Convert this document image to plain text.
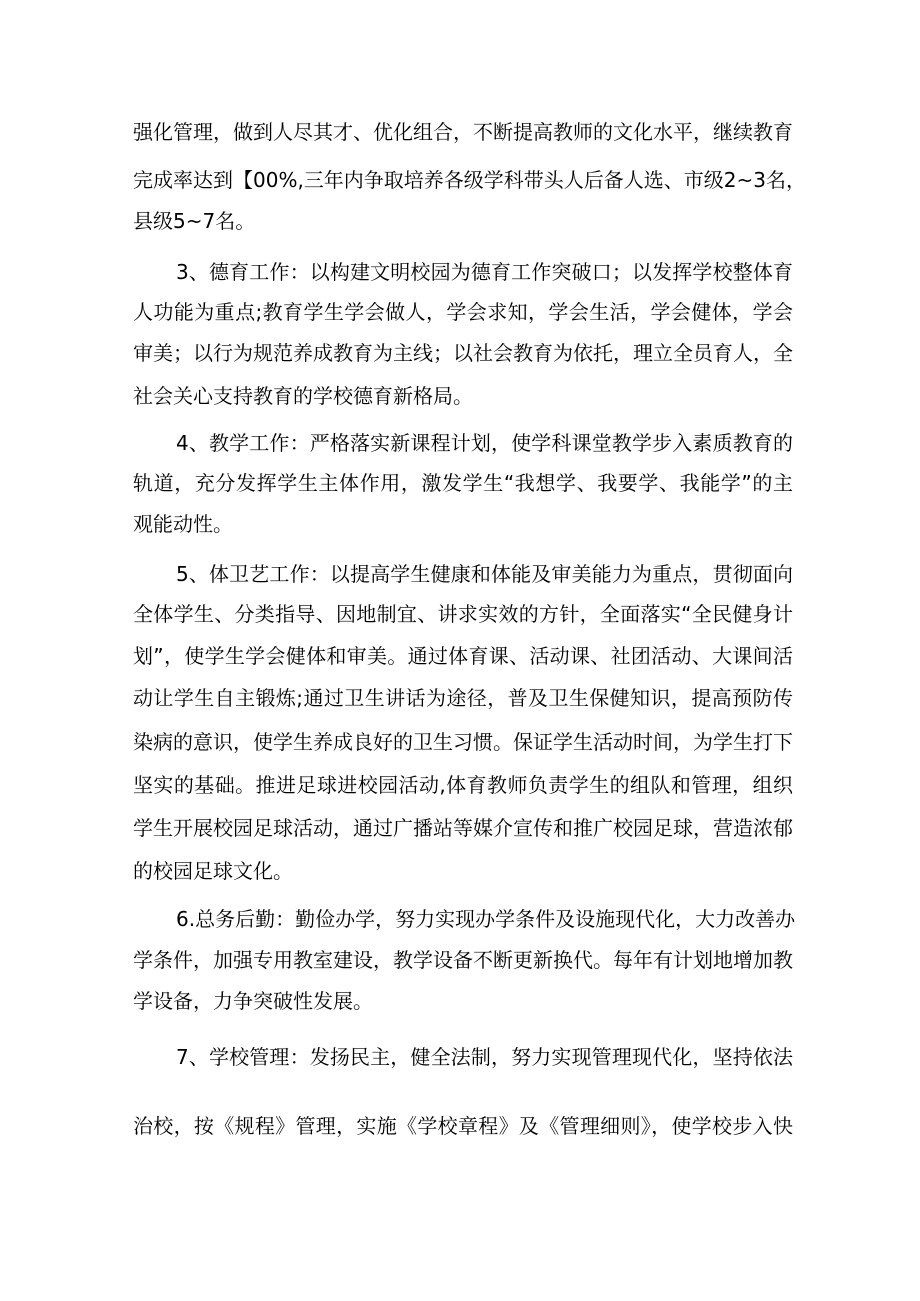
强化管理，做到人尽其才、优化组合，不断提高教师的文化水平，继续教育
完成率达到【00%,三年内争取培养各级学科带头人后备人选、市级2~3名，
县级5~7名。
3、德育工作：以构建文明校园为德育工作突破口；以发挥学校整体育
人功能为重点;教育学生学会做人，学会求知，学会生活，学会健体，学会
审美；以行为规范养成教育为主线；以社会教育为依托，理立全员育人，全
社会关心支持教育的学校德育新格局。
4、教学工作：严格落实新课程计划，使学科课堂教学步入素质教育的
轨道，充分发挥学生主体作用，激发学生“我想学、我要学、我能学”的主
观能动性。
5、体卫艺工作：以提高学生健康和体能及审美能力为重点，贯彻面向
全体学生、分类指导、因地制宜、讲求实效的方针，全面落实“全民健身计
划”，使学生学会健体和审美。通过体育课、活动课、社团活动、大课间活
动让学生自主锻炼;通过卫生讲话为途径，普及卫生保健知识，提高预防传
染病的意识，使学生养成良好的卫生习惯。保证学生活动时间，为学生打下
坚实的基础。推进足球进校园活动,体育教师负责学生的组队和管理，组织
学生开展校园足球活动，通过广播站等媒介宣传和推广校园足球，营造浓郁
的校园足球文化。
6.总务后勤：勤俭办学，努力实现办学条件及设施现代化，大力改善办
学条件，加强专用教室建设，教学设备不断更新换代。每年有计划地增加教
学设备，力争突破性发展。
7、学校管理：发扬民主，健全法制，努力实现管理现代化，坚持依法
治校，按《规程》管理，实施《学校章程》及《管理细则》，使学校步入快
